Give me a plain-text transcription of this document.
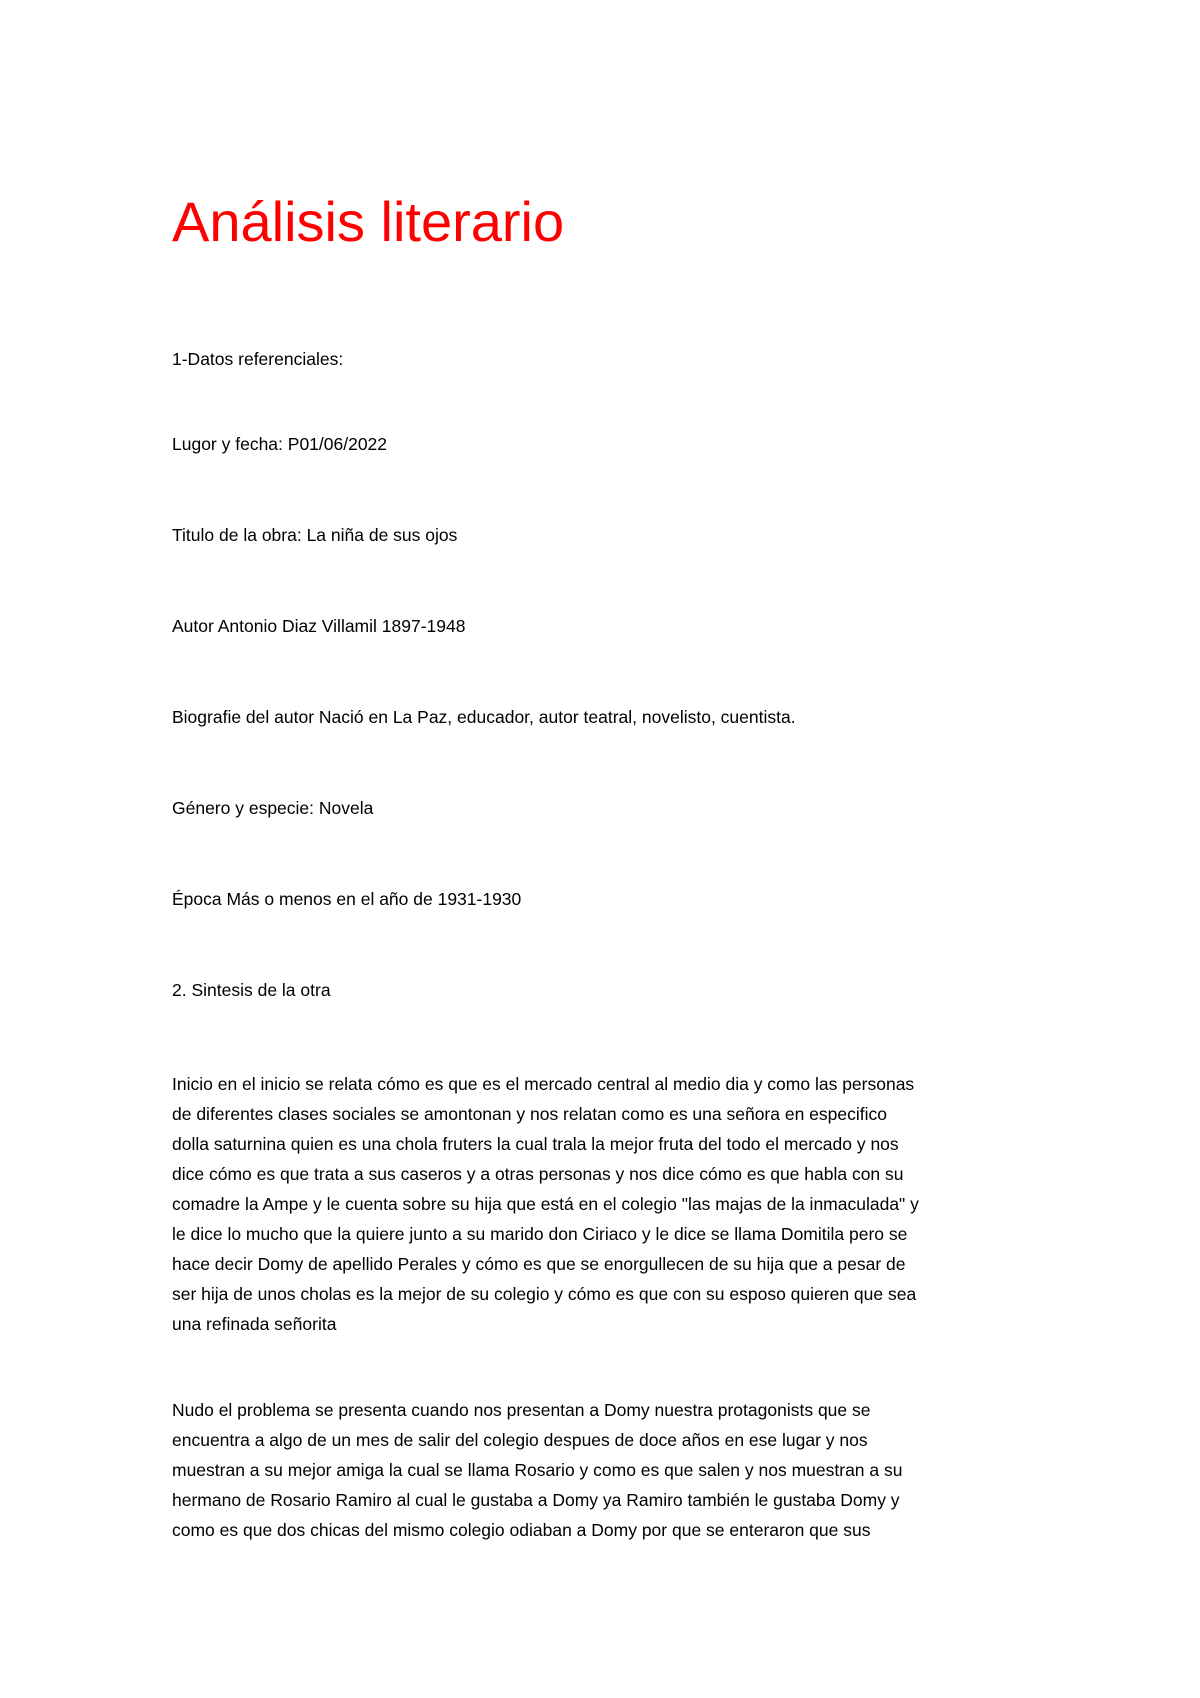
Análisis literario

1-Datos referenciales:

Lugor y fecha: P01/06/2022

Titulo de la obra: La niña de sus ojos

Autor Antonio Diaz Villamil 1897-1948

Biografie del autor Nació en La Paz, educador, autor teatral, novelisto, cuentista.

Género y especie: Novela

Época Más o menos en el año de 1931-1930

2. Sintesis de la otra

Inicio en el inicio se relata cómo es que es el mercado central al medio dia y como las personas
de diferentes clases sociales se amontonan y nos relatan como es una señora en especifico
dolla saturnina quien es una chola fruters la cual trala la mejor fruta del todo el mercado y nos
dice cómo es que trata a sus caseros y a otras personas y nos dice cómo es que habla con su
comadre la Ampe y le cuenta sobre su hija que está en el colegio "las majas de la inmaculada" y
le dice lo mucho que la quiere junto a su marido don Ciriaco y le dice se llama Domitila pero se
hace decir Domy de apellido Perales y cómo es que se enorgullecen de su hija que a pesar de
ser hija de unos cholas es la mejor de su colegio y cómo es que con su esposo quieren que sea
una refinada señorita
Nudo el problema se presenta cuando nos presentan a Domy nuestra protagonists que se
encuentra a algo de un mes de salir del colegio despues de doce años en ese lugar y nos
muestran a su mejor amiga la cual se llama Rosario y como es que salen y nos muestran a su
hermano de Rosario Ramiro al cual le gustaba a Domy ya Ramiro también le gustaba Domy y
como es que dos chicas del mismo colegio odiaban a Domy por que se enteraron que sus
